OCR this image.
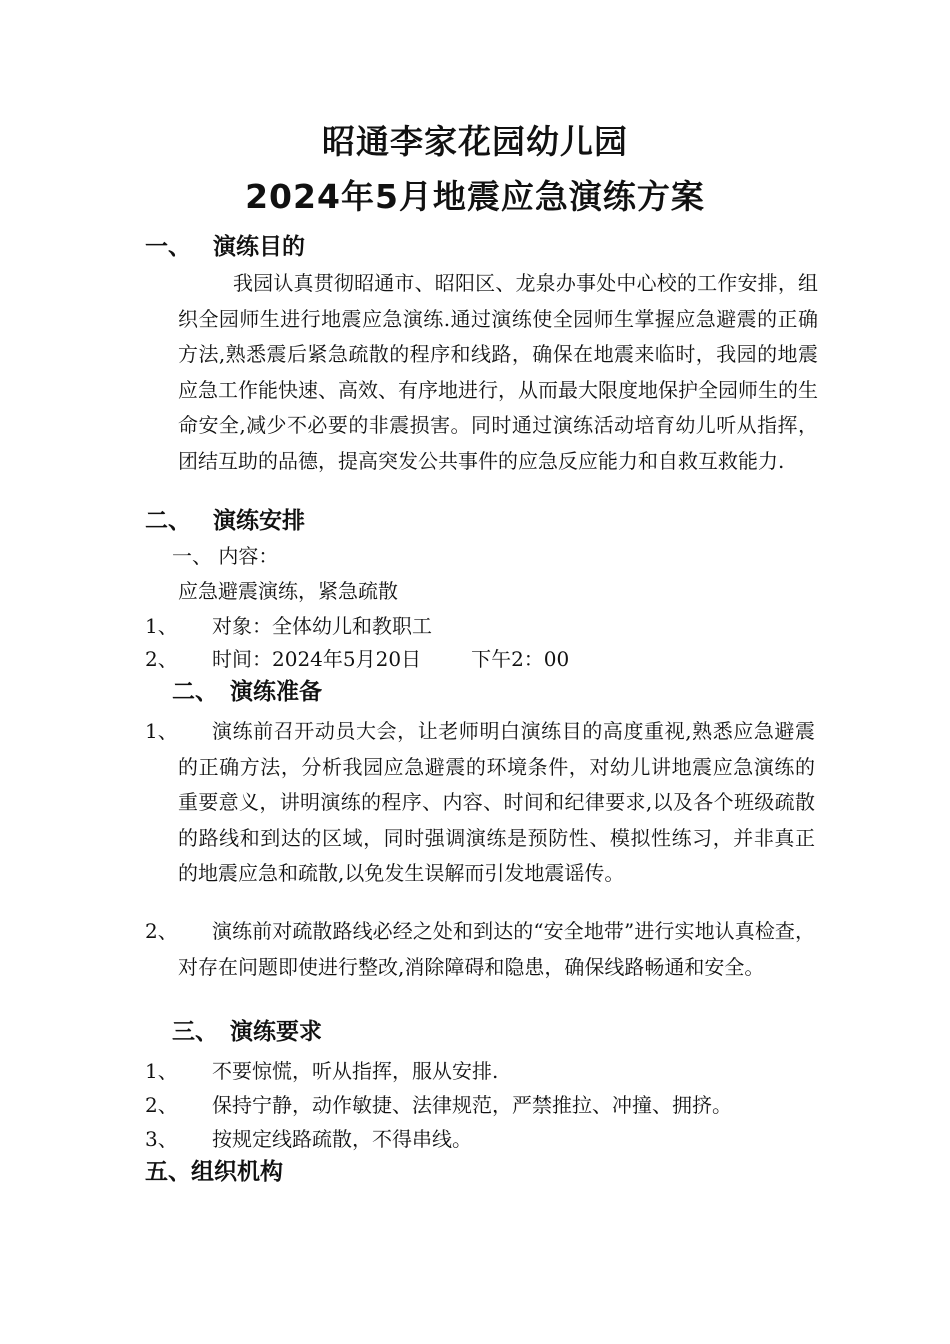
昭通李家花园幼儿园
2024年5月地震应急演练方案
一、 演练目的
我园认真贯彻昭通市、昭阳区、龙泉办事处中心校的工作安排，组织全园师生进行地震应急演练.通过演练使全园师生掌握应急避震的正确方法,熟悉震后紧急疏散的程序和线路，确保在地震来临时，我园的地震应急工作能快速、高效、有序地进行，从而最大限度地保护全园师生的生命安全,减少不必要的非震损害。同时通过演练活动培育幼儿听从指挥，团结互助的品德，提高突发公共事件的应急反应能力和自救互救能力.
二、 演练安排
一、 内容：
应急避震演练，紧急疏散
1、	对象：全体幼儿和教职工
2、	时间：2024年5月20日	下午2：00
二、 演练准备
1、	演练前召开动员大会，让老师明白演练目的高度重视,熟悉应急避震的正确方法，分析我园应急避震的环境条件，对幼儿讲地震应急演练的重要意义，讲明演练的程序、内容、时间和纪律要求,以及各个班级疏散的路线和到达的区域，同时强调演练是预防性、模拟性练习，并非真正的地震应急和疏散,以免发生误解而引发地震谣传。
2、	演练前对疏散路线必经之处和到达的“安全地带”进行实地认真检查，对存在问题即使进行整改,消除障碍和隐患，确保线路畅通和安全。
三、 演练要求
1、	不要惊慌，听从指挥，服从安排.
2、	保持宁静，动作敏捷、法律规范，严禁推拉、冲撞、拥挤。
3、	按规定线路疏散，不得串线。
五、组织机构
